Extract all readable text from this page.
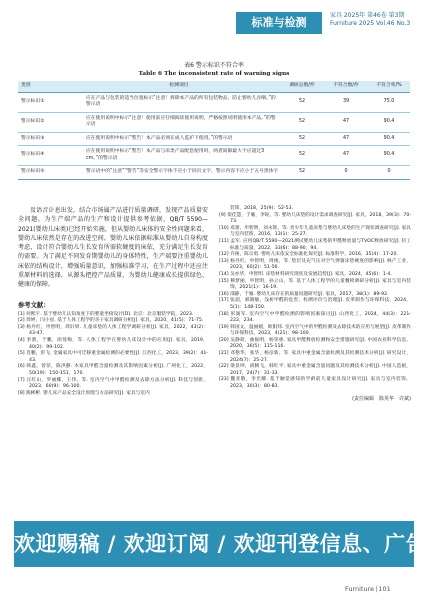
标准与检测
家具 2025年 第46卷 第3期
Furniture 2025 Vol.46 No.3
表6 警示标识不符合率
Table 6 The inconsistent rate of warning signs
类别	检测项目	调研总数/件	不符合数/件	不符合率/%
警示标识①	应在产品与包装的适当位置标示“注意！拆除本产品的所有包装物品，防止婴幼儿吞咽。”的警示语	52	39	75.0
警示标识②	应在使用说明中标示“注意！使用前应仔细阅读使用说明，严格按照说明使用本产品。”的警示语	52	47	90.4
警示标识③	应在使用说明中标示“警告！本产品必须在成人监护下使用。”的警示语	52	47	90.4
警示标识④	应在使用说明中标示“警告！本产品与床类产品配套使用时，两者间隙最大不应超过3 cm。”的警示语	52	47	90.4
警示标识⑤	警示语中的“注意”“警告”等安全警示字体不应小于同页文字，警示内容不应小于五号黑体字	52	0	0

及语音讣息出发，结合市场属产品进行质量调研，发现产品质量安全问题。为生产端产品的生产和设计提供参考依据，QB/T 5590—2021(婴幼儿床类)已经开始实施，但从婴幼儿床体的安全性问题来看，婴幼儿床依然是存在的改进空间。婴幼儿床依据标准从婴幼儿自身构度考虑，设计符合婴幼儿生长发育所需软硬度的床依，充分满足生长发育的需要。为了满足不同发育期婴幼儿的身体特性，生产端要注重婴幼儿床依的结构设计，增强质量意识，加强标准学习，在生产过程中还应注重原材料的选择，从源头把控产品质量，为婴幼儿健康成长提供绿色、健康的保障。

参考文献：

[1] 何熙宇. 基于婴幼儿认知角度下的婴童坐椅设计[D]. 北京：北京服装学院，2023.

[2] 周婷，闫小星. 基于人体工程学的亲子家具调研分析[J]. 家具，2020，41(5)：71-75.

[3] 杨丹红，申智明，周轩妍. 儿童床垫的人体工程学调研分析[J]. 家具，2022，43(2)：43-47.

[4] 李蕾，于鹏，徐莲梅，等. 人体工程学在婴幼儿床设计中的应用[J]. 家具，2019，40(2)：99-102.

[5] 肖鹏，彭飞. 金属家具中可迁移重金属检测的必要性[J]. 江西化工，2023，39(2)：41-43.

[6] 韩鑫，曾菲，陈洪静. 木家具甲醛含量检测及其影响因素分析[J]. 广州化工，2022，50(19)：150-151，170.

[7] 汪红山，罗丽娜，王伟，等. 室内空气中甲醛检测及去除方法分析[J]. 科技与创新，2023，60(9)：96-100.

[8] 熊彬彬. 婴儿床产品安全设计原理与方法研究[J]. 家具与室内

装饰，2018，25(9)：52-53.

[9] 栾佳慧，于雁，李锐，等. 婴幼儿床垫的设计需求调查研究[J]. 家具，2018，39(3)：70-73.

[10] 邓蕾，申智明，刘永辉，等. 青少年儿童床垫与婴幼儿床垫的生产现状调查研究[J]. 家具与室内装饰，2016，13(1)：25-27.

[11] 孟军. 应用QB/T 5590—2021测试婴幼儿床垫的甲醛释放量与TVOC释放研究[J]. 轻工标准与质量，2022，33(6)：88-90，94.

[12] 许俊，陈宗勇. 婴幼儿床依安全标准化探究[J]. 标准科学，2016，35(4)：17-20.

[13] 杨丹红，申智明，周俊，等. 垫层及充气压对空气弹簧床垫硬度的影响[J]. 林产工业，2023，60(2)：51-56.

[14] 吴亦华，申智明. 床垫材料研究现状及发展趋势[J]. 家具，2024，45(6)：1-4.

[15] 穆梦丽，申智明，孙立山，等. 基于人体工程学的儿童餐椅调研分析[J]. 家具与室内装饰，2021(1)：16-19.

[16] 邵静，于雁. 婴幼儿床存在的质量问题研究[J]. 家具，2017，38(1)：89-92.

[17] 张超，郝晓敏，浅析甲醛的危害、检测评价与治理[J]. 皮革制作与环保科技，2024，5(1)：148-150.

[18] 彭涌军. 室内空气中甲醛检测的影响因素探讨[J]. 山西化工，2024，44(3)：221-222，234.

[19] 韩国文，温丽媛，欧阳炜. 室内空气中的甲醛检测及去除技术的应用与展望[J]. 皮革制作与环保科技，2023，4(21)：98-100.

[20] 吴静荷，曲振明，杨荣惠. 家具甲醛释放检测和安全措施研究[J]. 中国农业科学信息，2020，36(5)：115-116.

[21] 邓艳华，张华，杨彦新，等. 家具中重金属含量检测及其检测技术分析[J]. 研究设计，2024(7)：25-27.

[22] 梁显坤，胡腾飞，韩红平. 家具中重金属含量问题及其检测技术分析[J]. 中国人造板，2017，24(7)：31-33.

[23] 魏亚敬，李光耀. 基于触觉感知的学龄前儿童家具设计研究[J]. 家具与室内装饰，2023，30(3)：80-83.

(责任编辑　陈英华　许斌)
欢迎赐稿 / 欢迎订阅 / 欢迎刊登信息、广告
Furniture|101
